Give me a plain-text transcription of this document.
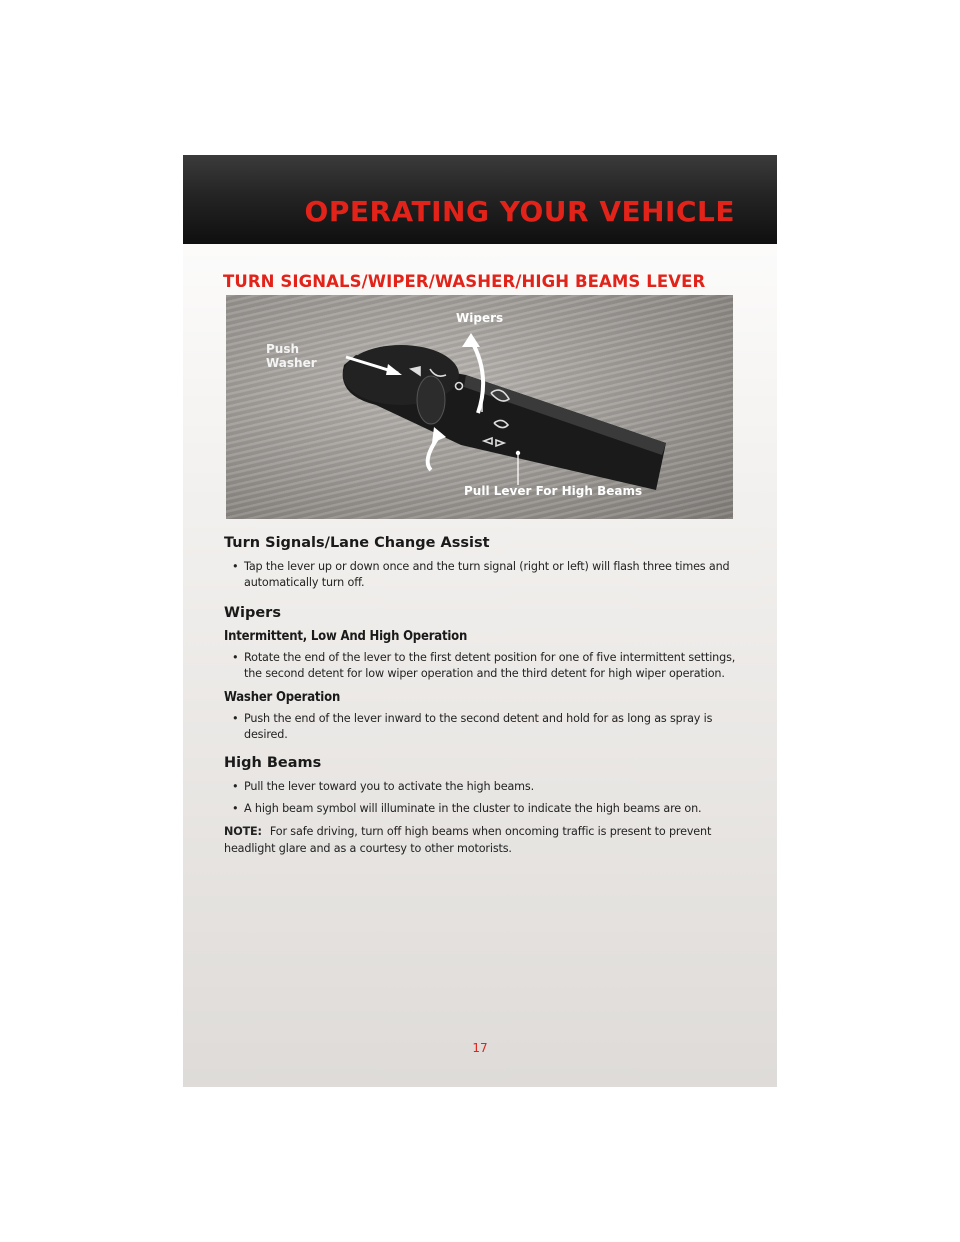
OPERATING YOUR VEHICLE
TURN SIGNALS/WIPER/WASHER/HIGH BEAMS LEVER
Push
Washer
Wipers
Pull Lever For High Beams
Turn Signals/Lane Change Assist
• Tap the lever up or down once and the turn signal (right or left) will flash three times and automatically turn off.
Wipers
Intermittent, Low And High Operation
• Rotate the end of the lever to the first detent position for one of five intermittent settings, the second detent for low wiper operation and the third detent for high wiper operation.
Washer Operation
• Push the end of the lever inward to the second detent and hold for as long as spray is desired.
High Beams
• Pull the lever toward you to activate the high beams.
• A high beam symbol will illuminate in the cluster to indicate the high beams are on.
NOTE: For safe driving, turn off high beams when oncoming traffic is present to prevent headlight glare and as a courtesy to other motorists.
17
